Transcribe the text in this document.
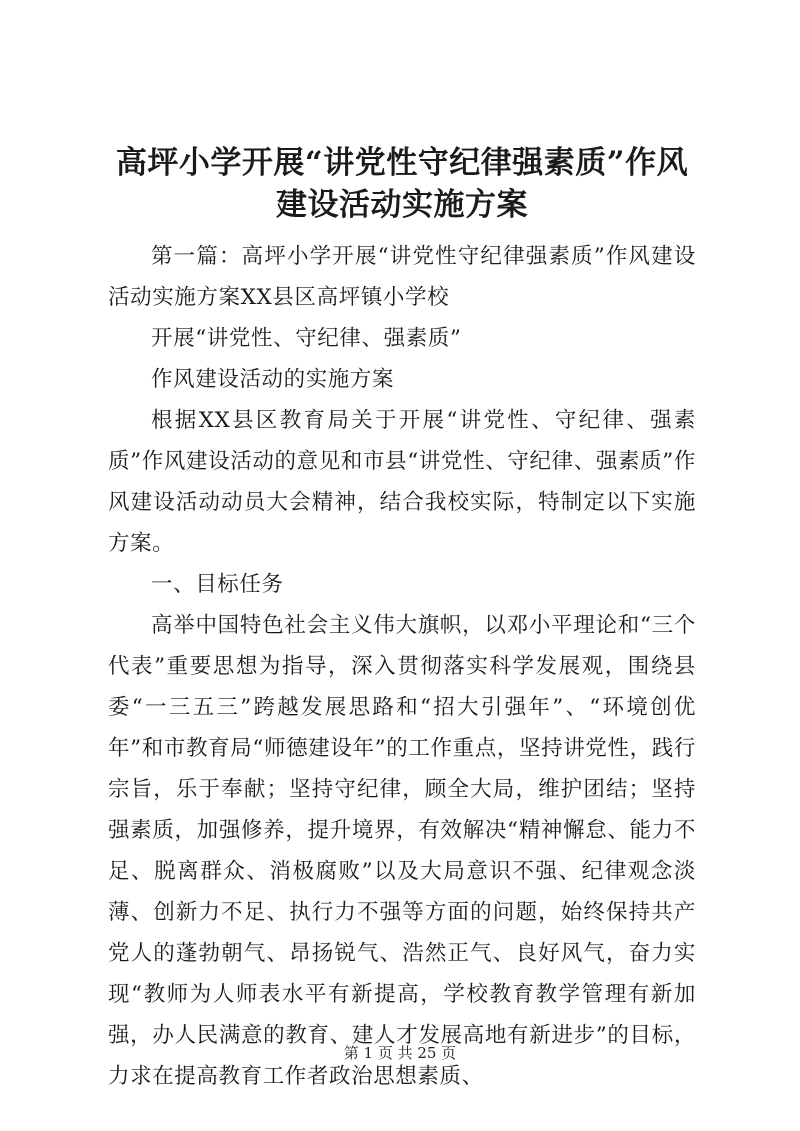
高坪小学开展“讲党性守纪律强素质”作风建设活动实施方案

第一篇：高坪小学开展“讲党性守纪律强素质”作风建设活动实施方案XX县区高坪镇小学校

开展“讲党性、守纪律、强素质”

作风建设活动的实施方案

根据XX县区教育局关于开展“讲党性、守纪律、强素质”作风建设活动的意见和市县“讲党性、守纪律、强素质”作风建设活动动员大会精神，结合我校实际，特制定以下实施方案。

一、目标任务

高举中国特色社会主义伟大旗帜，以邓小平理论和“三个代表”重要思想为指导，深入贯彻落实科学发展观，围绕县委“一三五三”跨越发展思路和“招大引强年”、“环境创优年”和市教育局“师德建设年”的工作重点，坚持讲党性，践行宗旨，乐于奉献；坚持守纪律，顾全大局，维护团结；坚持强素质，加强修养，提升境界，有效解决“精神懈怠、能力不足、脱离群众、消极腐败”以及大局意识不强、纪律观念淡薄、创新力不足、执行力不强等方面的问题，始终保持共产党人的蓬勃朝气、昂扬锐气、浩然正气、良好风气，奋力实现“教师为人师表水平有新提高，学校教育教学管理有新加强，办人民满意的教育、建人才发展高地有新进步”的目标，力求在提高教育工作者政治思想素质、

第 1 页 共 25 页
